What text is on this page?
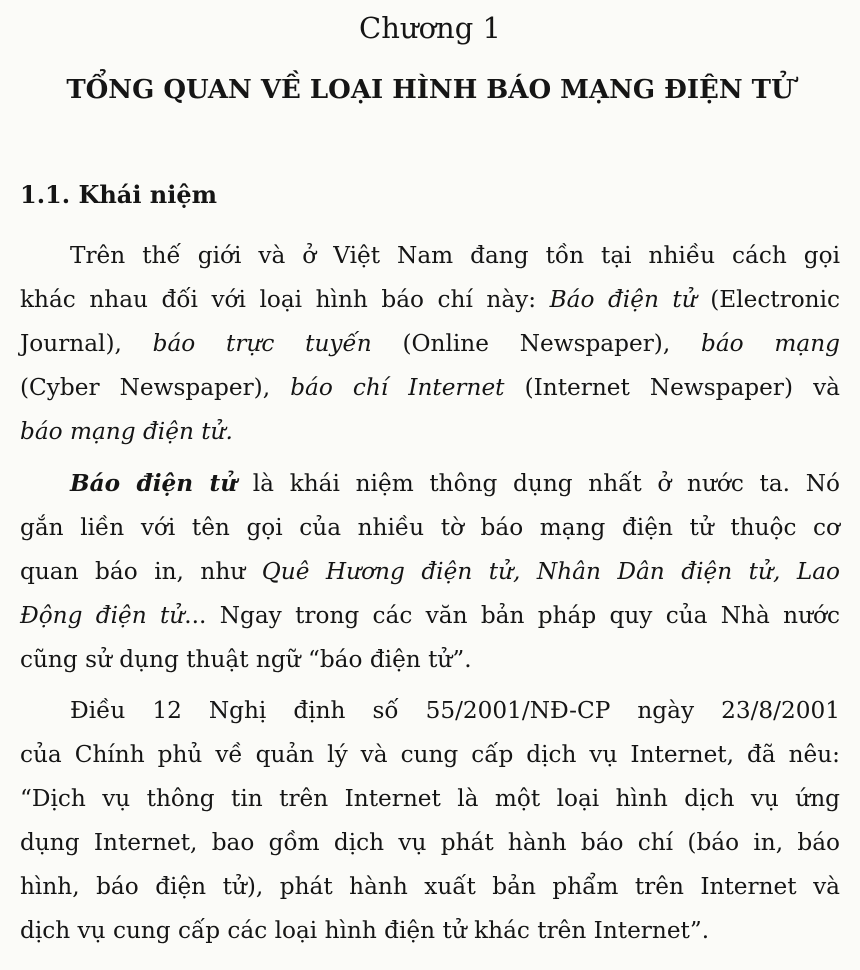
Chương 1
TỔNG QUAN VỀ LOẠI HÌNH BÁO MẠNG ĐIỆN TỬ
1.1. Khái niệm
Trên thế giới và ở Việt Nam đang tồn tại nhiều cách gọi
khác nhau đối với loại hình báo chí này: Báo điện tử (Electronic
Journal), báo trực tuyến (Online Newspaper), báo mạng
(Cyber Newspaper), báo chí Internet (Internet Newspaper) và
báo mạng điện tử.
Báo điện tử là khái niệm thông dụng nhất ở nước ta. Nó
gắn liền với tên gọi của nhiều tờ báo mạng điện tử thuộc cơ
quan báo in, như Quê Hương điện tử, Nhân Dân điện tử, Lao
Động điện tử... Ngay trong các văn bản pháp quy của Nhà nước
cũng sử dụng thuật ngữ “báo điện tử”.
Điều 12 Nghị định số 55/2001/NĐ-CP ngày 23/8/2001
của Chính phủ về quản lý và cung cấp dịch vụ Internet, đã nêu:
“Dịch vụ thông tin trên Internet là một loại hình dịch vụ ứng
dụng Internet, bao gồm dịch vụ phát hành báo chí (báo in, báo
hình, báo điện tử), phát hành xuất bản phẩm trên Internet và
dịch vụ cung cấp các loại hình điện tử khác trên Internet”.
